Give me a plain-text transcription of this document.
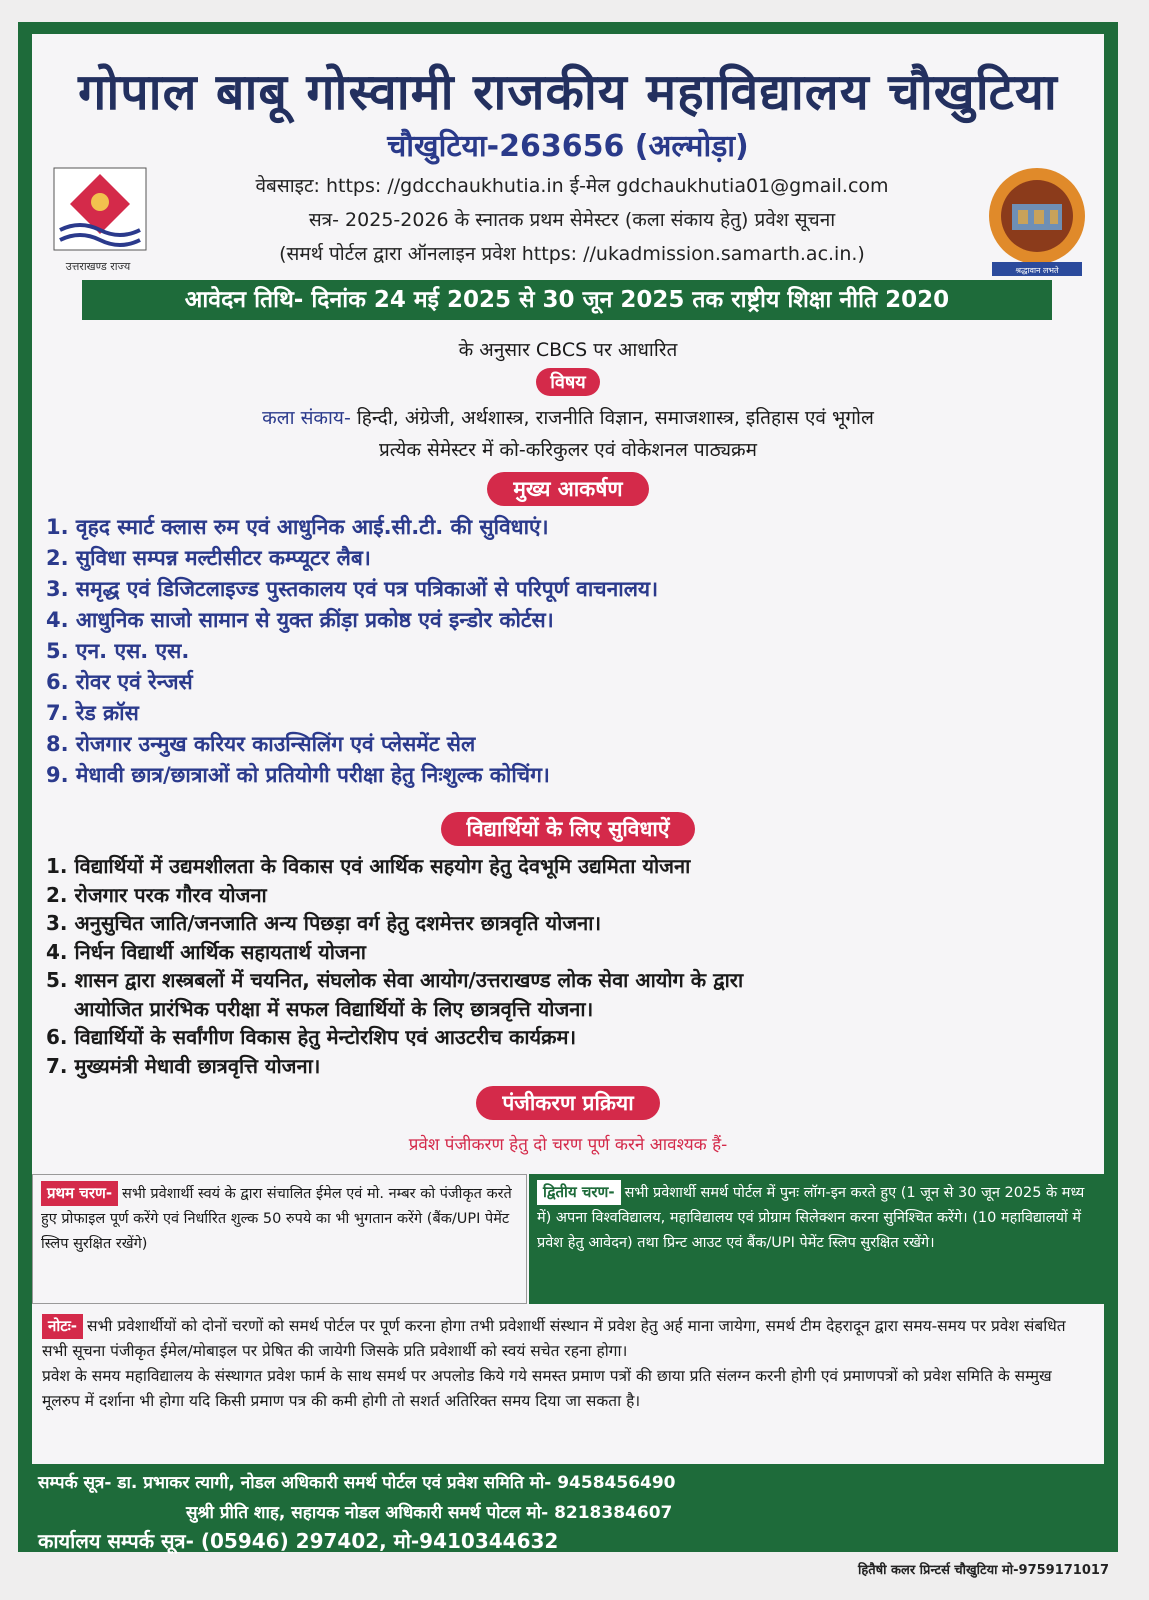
गोपाल बाबू गोस्वामी राजकीय महाविद्यालय चौखुटिया
चौखुटिया-263656 (अल्मोड़ा)
उत्तराखण्ड राज्य	श्रद्धावान लभते
वेबसाइट: https: //gdcchaukhutia.in ई-मेल gdchaukhutia01@gmail.com
सत्र- 2025-2026 के स्नातक प्रथम सेमेस्टर (कला संकाय हेतु) प्रवेश सूचना
(समर्थ पोर्टल द्वारा ऑनलाइन प्रवेश https: //ukadmission.samarth.ac.in.)
आवेदन तिथि- दिनांक 24 मई 2025 से 30 जून 2025 तक राष्ट्रीय शिक्षा नीति 2020
के अनुसार CBCS पर आधारित
विषय
कला संकाय- हिन्दी, अंग्रेजी, अर्थशास्त्र, राजनीति विज्ञान, समाजशास्त्र, इतिहास एवं भूगोल
प्रत्येक सेमेस्टर में को-करिकुलर एवं वोकेशनल पाठ्यक्रम
मुख्य आकर्षण
1. वृहद स्मार्ट क्लास रुम एवं आधुनिक आई.सी.टी. की सुविधाएं।
2. सुविधा सम्पन्न मल्टीसीटर कम्प्यूटर लैब।
3. समृद्ध एवं डिजिटलाइज्ड पुस्तकालय एवं पत्र पत्रिकाओं से परिपूर्ण वाचनालय।
4. आधुनिक साजो सामान से युक्त क्रींड़ा प्रकोष्ठ एवं इन्डोर कोर्टस।
5. एन. एस. एस.
6. रोवर एवं रेन्जर्स
7. रेड क्रॉस
8. रोजगार उन्मुख करियर काउन्सिलिंग एवं प्लेसमेंट सेल
9. मेधावी छात्र/छात्राओं को प्रतियोगी परीक्षा हेतु निःशुल्क कोचिंग।
विद्यार्थियों के लिए सुविधाऐं
1. विद्यार्थियों में उद्यमशीलता के विकास एवं आर्थिक सहयोग हेतु देवभूमि उद्यमिता योजना
2. रोजगार परक गौरव योजना
3. अनुसुचित जाति/जनजाति अन्य पिछड़ा वर्ग हेतु दशमेत्तर छात्रवृति योजना।
4. निर्धन विद्यार्थी आर्थिक सहायतार्थ योजना
5. शासन द्वारा शस्त्रबलों में चयनित, संघलोक सेवा आयोग/उत्तराखण्ड लोक सेवा आयोग के द्वारा
आयोजित प्रारंभिक परीक्षा में सफल विद्यार्थियों के लिए छात्रवृत्ति योजना।
6. विद्यार्थियों के सर्वांगीण विकास हेतु मेन्टोरशिप एवं आउटरीच कार्यक्रम।
7. मुख्यमंत्री मेधावी छात्रवृत्ति योजना।
पंजीकरण प्रक्रिया
प्रवेश पंजीकरण हेतु दो चरण पूर्ण करने आवश्यक हैं-
प्रथम चरण- सभी प्रवेशार्थी स्वयं के द्वारा संचालित ईमेल एवं मो. नम्बर को पंजीकृत करते हुए प्रोफाइल पूर्ण करेंगे एवं निर्धारित शुल्क 50 रुपये का भी भुगतान करेंगे (बैंक/UPI पेमेंट स्लिप सुरक्षित रखेंगे)
द्वितीय चरण- सभी प्रवेशार्थी समर्थ पोर्टल में पुनः लॉग-इन करते हुए (1 जून से 30 जून 2025 के मध्य में) अपना विश्वविद्यालय, महाविद्यालय एवं प्रोग्राम सिलेक्शन करना सुनिश्चित करेंगे। (10 महाविद्यालयों में प्रवेश हेतु आवेदन) तथा प्रिन्ट आउट एवं बैंक/UPI पेमेंट स्लिप सुरक्षित रखेंगे।
नोटः- सभी प्रवेशार्थीयों को दोनों चरणों को समर्थ पोर्टल पर पूर्ण करना होगा तभी प्रवेशार्थी संस्थान में प्रवेश हेतु अर्ह माना जायेगा, समर्थ टीम देहरादून द्वारा समय-समय पर प्रवेश संबधित सभी सूचना पंजीकृत ईमेल/मोबाइल पर प्रेषित की जायेगी जिसके प्रति प्रवेशार्थी को स्वयं सचेत रहना होगा।
प्रवेश के समय महाविद्यालय के संस्थागत प्रवेश फार्म के साथ समर्थ पर अपलोड किये गये समस्त प्रमाण पत्रों की छाया प्रति संलग्न करनी होगी एवं प्रमाणपत्रों को प्रवेश समिति के सम्मुख मूलरुप में दर्शाना भी होगा यदि किसी प्रमाण पत्र की कमी होगी तो सशर्त अतिरिक्त समय दिया जा सकता है।
सम्पर्क सूत्र- डा. प्रभाकर त्यागी, नोडल अधिकारी समर्थ पोर्टल एवं प्रवेश समिति मो- 9458456490
सुश्री प्रीति शाह, सहायक नोडल अधिकारी समर्थ पोटल मो- 8218384607
कार्यालय सम्पर्क सूत्र- (05946) 297402, मो-9410344632
हितैषी कलर प्रिन्टर्स चौखुटिया मो-9759171017
